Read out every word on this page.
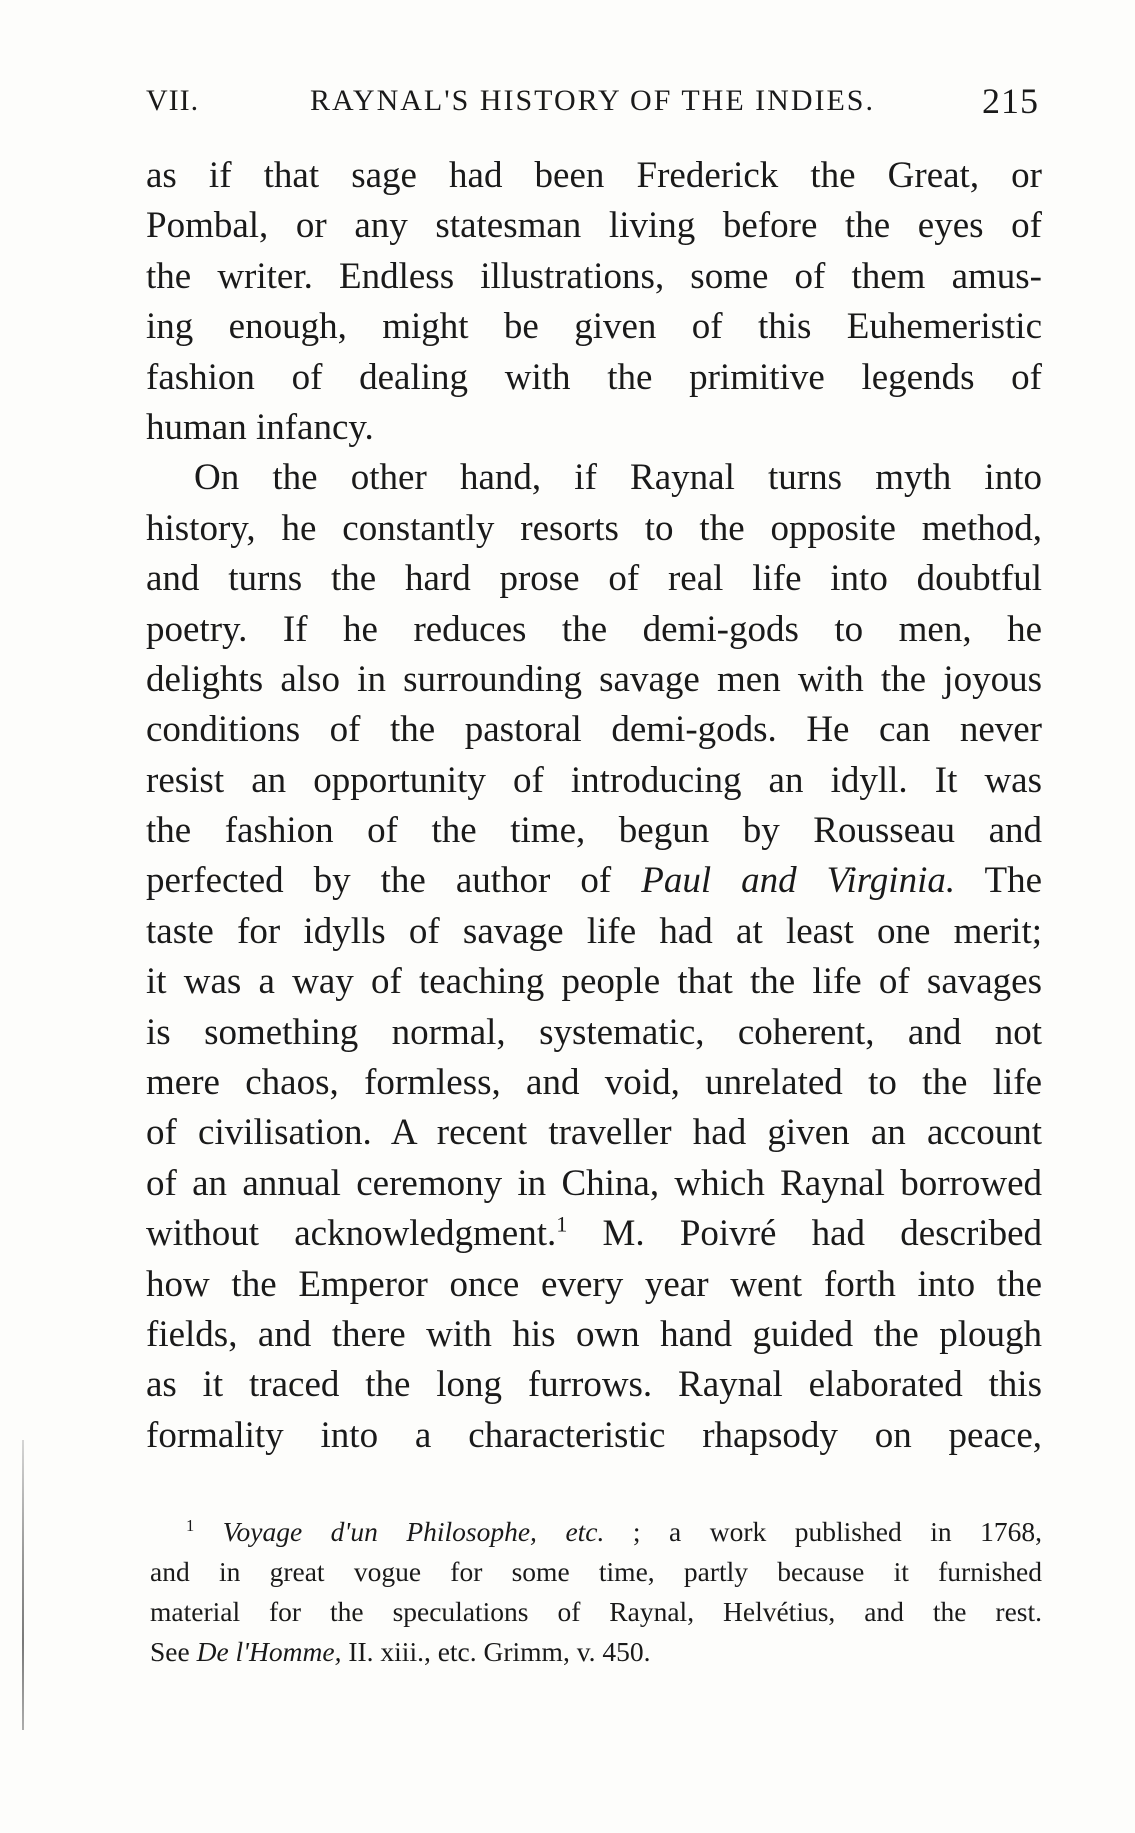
VII.	RAYNAL'S HISTORY OF THE INDIES.	215
as if that sage had been Frederick the Great, or
Pombal, or any statesman living before the eyes of
the writer. Endless illustrations, some of them amus-
ing enough, might be given of this Euhemeristic
fashion of dealing with the primitive legends of
human infancy.
On the other hand, if Raynal turns myth into
history, he constantly resorts to the opposite method,
and turns the hard prose of real life into doubtful
poetry. If he reduces the demi-gods to men, he
delights also in surrounding savage men with the joyous
conditions of the pastoral demi-gods. He can never
resist an opportunity of introducing an idyll. It was
the fashion of the time, begun by Rousseau and
perfected by the author of Paul and Virginia. The
taste for idylls of savage life had at least one merit;
it was a way of teaching people that the life of savages
is something normal, systematic, coherent, and not
mere chaos, formless, and void, unrelated to the life
of civilisation. A recent traveller had given an account
of an annual ceremony in China, which Raynal borrowed
without acknowledgment.$^1$ M. Poivré had described
how the Emperor once every year went forth into the
fields, and there with his own hand guided the plough
as it traced the long furrows. Raynal elaborated this
formality into a characteristic rhapsody on peace,
$^1$ Voyage d'un Philosophe, etc. ; a work published in 1768,
and in great vogue for some time, partly because it furnished
material for the speculations of Raynal, Helvétius, and the rest.
See De l'Homme, II. xiii., etc. Grimm, v. 450.
